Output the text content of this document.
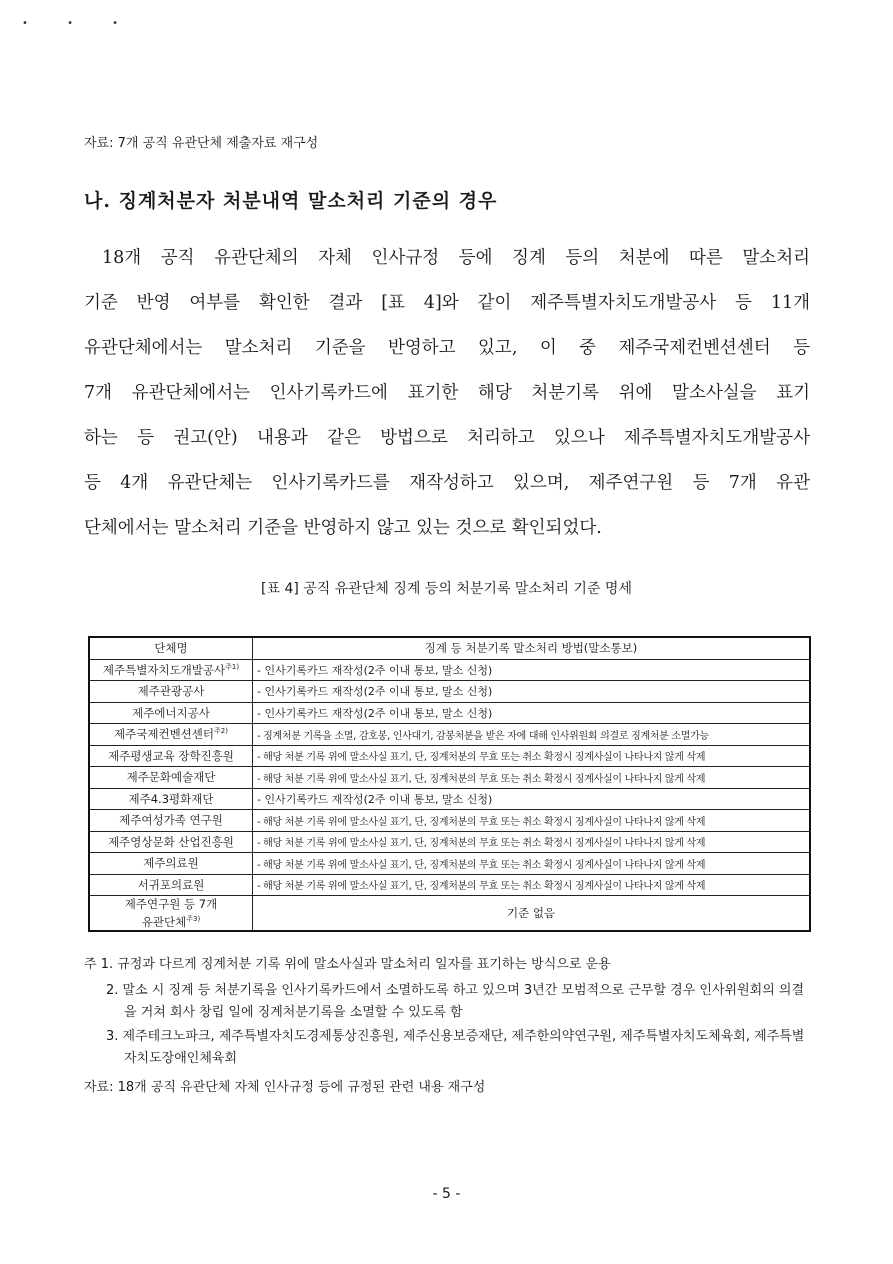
• • •
자료: 7개 공직 유관단체 제출자료 재구성
나. 징계처분자 처분내역 말소처리 기준의 경우

18개 공직 유관단체의 자체 인사규정 등에 징계 등의 처분에 따른 말소처리

기준 반영 여부를 확인한 결과 [표 4]와 같이 제주특별자치도개발공사 등 11개

유관단체에서는 말소처리 기준을 반영하고 있고, 이 중 제주국제컨벤션센터 등

7개 유관단체에서는 인사기록카드에 표기한 해당 처분기록 위에 말소사실을 표기

하는 등 권고(안) 내용과 같은 방법으로 처리하고 있으나 제주특별자치도개발공사

등 4개 유관단체는 인사기록카드를 재작성하고 있으며, 제주연구원 등 7개 유관

단체에서는 말소처리 기준을 반영하지 않고 있는 것으로 확인되었다.

[표 4] 공직 유관단체 징계 등의 처분기록 말소처리 기준 명세
단체명	징계 등 처분기록 말소처리 방법(말소통보)
제주특별자치도개발공사$^{주1)}$	- 인사기록카드 재작성(2주 이내 통보, 말소 신청)
제주관광공사	- 인사기록카드 재작성(2주 이내 통보, 말소 신청)
제주에너지공사	- 인사기록카드 재작성(2주 이내 통보, 말소 신청)
제주국제컨벤션센터$^{주2)}$	- 징계처분 기록을 소멸, 감호봉, 인사대기, 감봉처분을 받은 자에 대해 인사위원회 의결로 징계처분 소멸가능
제주평생교육 장학진흥원	- 해당 처분 기록 위에 말소사실 표기, 단, 징계처분의 무효 또는 취소 확정시 징계사실이 나타나지 않게 삭제
제주문화예술재단	- 해당 처분 기록 위에 말소사실 표기, 단, 징계처분의 무효 또는 취소 확정시 징계사실이 나타나지 않게 삭제
제주4.3평화재단	- 인사기록카드 재작성(2주 이내 통보, 말소 신청)
제주여성가족 연구원	- 해당 처분 기록 위에 말소사실 표기, 단, 징계처분의 무효 또는 취소 확정시 징계사실이 나타나지 않게 삭제
제주영상문화 산업진흥원	- 해당 처분 기록 위에 말소사실 표기, 단, 징계처분의 무효 또는 취소 확정시 징계사실이 나타나지 않게 삭제
제주의료원	- 해당 처분 기록 위에 말소사실 표기, 단, 징계처분의 무효 또는 취소 확정시 징계사실이 나타나지 않게 삭제
서귀포의료원	- 해당 처분 기록 위에 말소사실 표기, 단, 징계처분의 무효 또는 취소 확정시 징계사실이 나타나지 않게 삭제
제주연구원 등 7개
유관단체$^{주3)}$	기준 없음
주 1. 규정과 다르게 징계처분 기록 위에 말소사실과 말소처리 일자를 표기하는 방식으로 운용
2. 말소 시 징계 등 처분기록을 인사기록카드에서 소멸하도록 하고 있으며 3년간 모범적으로 근무할 경우 인사위원회의 의결을 거쳐 회사 창립 일에 징계처분기록을 소멸할 수 있도록 함
3. 제주테크노파크, 제주특별자치도경제통상진흥원, 제주신용보증재단, 제주한의약연구원, 제주특별자치도체육회, 제주특별자치도장애인체육회
자료: 18개 공직 유관단체 자체 인사규정 등에 규정된 관련 내용 재구성
- 5 -
